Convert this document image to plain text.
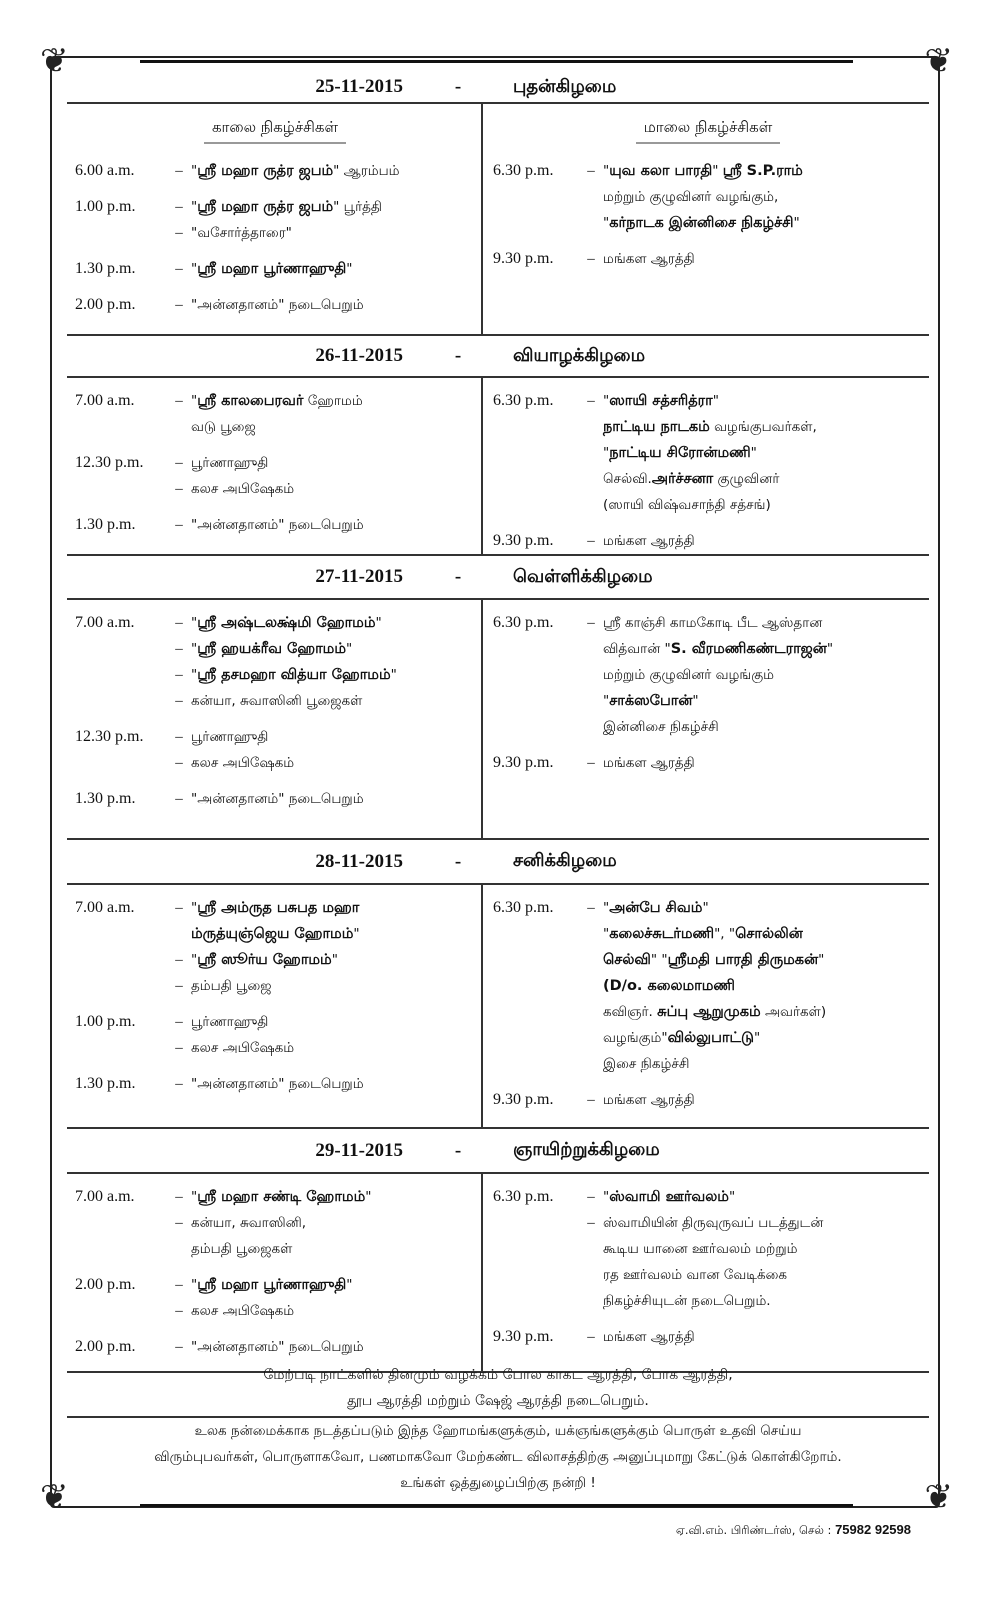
❦	❦
❦	❦
25-11-2015	-	புதன்கிழமை
காலை நிகழ்ச்சிகள்
6.00 a.m.	– "ஸ்ரீ மஹா ருத்ர ஜபம்" ஆரம்பம்
1.00 p.m.	– "ஸ்ரீ மஹா ருத்ர ஜபம்" பூர்த்தி
– "வசோர்த்தாரை"
1.30 p.m.	– "ஸ்ரீ மஹா பூர்ணாஹுதி"
2.00 p.m.	– "அன்னதானம்" நடைபெறும்
மாலை நிகழ்ச்சிகள்
6.30 p.m.	– "யுவ கலா பாரதி" ஸ்ரீ S.P.ராம்
மற்றும் குழுவினர் வழங்கும்,
"கர்நாடக இன்னிசை நிகழ்ச்சி"
9.30 p.m.	– மங்கள ஆரத்தி
26-11-2015	-	வியாழக்கிழமை
7.00 a.m.	– "ஸ்ரீ காலபைரவர் ஹோமம்
வடு பூஜை
12.30 p.m.	– பூர்ணாஹுதி
– கலச அபிஷேகம்
1.30 p.m.	– "அன்னதானம்" நடைபெறும்
6.30 p.m.	– "ஸாயி சத்சரித்ரா"
நாட்டிய நாடகம் வழங்குபவர்கள்,
"நாட்டிய சிரோன்மணி"
செல்வி.அர்ச்சனா குழுவினர்
(ஸாயி விஷ்வசாந்தி சத்சங்)
9.30 p.m.	– மங்கள ஆரத்தி
27-11-2015	-	வெள்ளிக்கிழமை
7.00 a.m.	– "ஸ்ரீ அஷ்டலக்ஷ்மி ஹோமம்"
– "ஸ்ரீ ஹயக்ரீவ ஹோமம்"
– "ஸ்ரீ தசமஹா வித்யா ஹோமம்"
– கன்யா, சுவாஸினி பூஜைகள்
12.30 p.m.	– பூர்ணாஹுதி
– கலச அபிஷேகம்
1.30 p.m.	– "அன்னதானம்" நடைபெறும்
6.30 p.m.	– ஸ்ரீ காஞ்சி காமகோடி பீட ஆஸ்தான
வித்வான் "S. வீரமணிகண்டராஜன்"
மற்றும் குழுவினர் வழங்கும்
"சாக்ஸபோன்"
இன்னிசை நிகழ்ச்சி
9.30 p.m.	– மங்கள ஆரத்தி
28-11-2015	-	சனிக்கிழமை
7.00 a.m.	– "ஸ்ரீ அம்ருத பசுபத மஹா
ம்ருத்யுஞ்ஜெய ஹோமம்"
– "ஸ்ரீ ஸூர்ய ஹோமம்"
– தம்பதி பூஜை
1.00 p.m.	– பூர்ணாஹுதி
– கலச அபிஷேகம்
1.30 p.m.	– "அன்னதானம்" நடைபெறும்
6.30 p.m.	– "அன்பே சிவம்"
"கலைச்சுடர்மணி", "சொல்லின்
செல்வி" "ஸ்ரீமதி பாரதி திருமகன்"
(D/o. கலைமாமணி
கவிஞர். சுப்பு ஆறுமுகம் அவர்கள்)
வழங்கும்"வில்லுபாட்டு"
இசை நிகழ்ச்சி
9.30 p.m.	– மங்கள ஆரத்தி
29-11-2015	-	ஞாயிற்றுக்கிழமை
7.00 a.m.	– "ஸ்ரீ மஹா சண்டி ஹோமம்"
– கன்யா, சுவாஸினி,
தம்பதி பூஜைகள்
2.00 p.m.	– "ஸ்ரீ மஹா பூர்ணாஹுதி"
– கலச அபிஷேகம்
2.00 p.m.	– "அன்னதானம்" நடைபெறும்
6.30 p.m.	– "ஸ்வாமி ஊர்வலம்"
– ஸ்வாமியின் திருவுருவப் படத்துடன்
கூடிய யானை ஊர்வலம் மற்றும்
ரத ஊர்வலம் வான வேடிக்கை
நிகழ்ச்சியுடன் நடைபெறும்.
9.30 p.m.	– மங்கள ஆரத்தி
மேற்படி நாட்களில் தினமும் வழக்கம் போல காகட ஆரத்தி, போக ஆரத்தி,
தூப ஆரத்தி மற்றும் ஷேஜ் ஆரத்தி நடைபெறும்.
உலக நன்மைக்காக நடத்தப்படும் இந்த ஹோமங்களுக்கும், யக்ஞங்களுக்கும் பொருள் உதவி செய்ய
விரும்புபவர்கள், பொருளாகவோ, பணமாகவோ மேற்கண்ட விலாசத்திற்கு அனுப்புமாறு கேட்டுக் கொள்கிறோம்.
உங்கள் ஒத்துழைப்பிற்கு நன்றி !
ஏ.வி.எம். பிரிண்டர்ஸ், செல் : 75982 92598
